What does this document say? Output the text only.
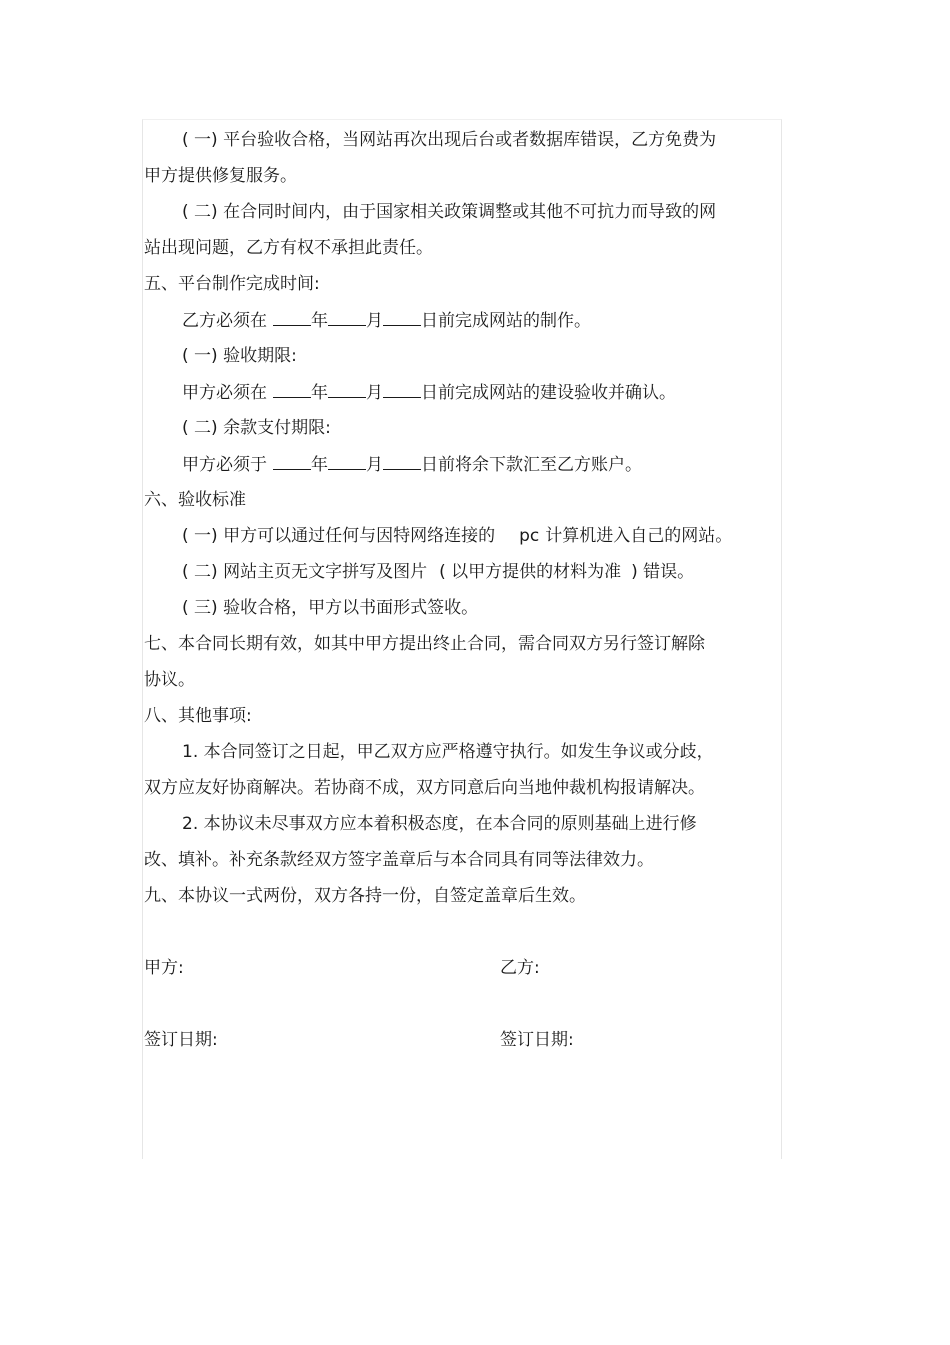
( 一) 平台验收合格，当网站再次出现后台或者数据库错误，乙方免费为
甲方提供修复服务。
( 二) 在合同时间内，由于国家相关政策调整或其他不可抗力而导致的网
站出现问题，乙方有权不承担此责任。
五、平台制作完成时间:
乙方必须在	年 月 日前完成网站的制作。
( 一) 验收期限:
甲方必须在	年 月 日前完成网站的建设验收并确认。
( 二) 余款支付期限:
甲方必须于	年 月 日前将余下款汇至乙方账户。
六、验收标准
( 一) 甲方可以通过任何与因特网络连接的 pc 计算机进入自己的网站。
( 二) 网站主页无文字拼写及图片 ( 以甲方提供的材料为准 ) 错误。
( 三) 验收合格，甲方以书面形式签收。
七、本合同长期有效，如其中甲方提出终止合同，需合同双方另行签订解除
协议。
八、其他事项:
1. 本合同签订之日起，甲乙双方应严格遵守执行。如发生争议或分歧，
双方应友好协商解决。若协商不成，双方同意后向当地仲裁机构报请解决。
2. 本协议未尽事双方应本着积极态度，在本合同的原则基础上进行修
改、填补。补充条款经双方签字盖章后与本合同具有同等法律效力。
九、本协议一式两份，双方各持一份，自签定盖章后生效。
甲方:	乙方:
签订日期:	签订日期:
